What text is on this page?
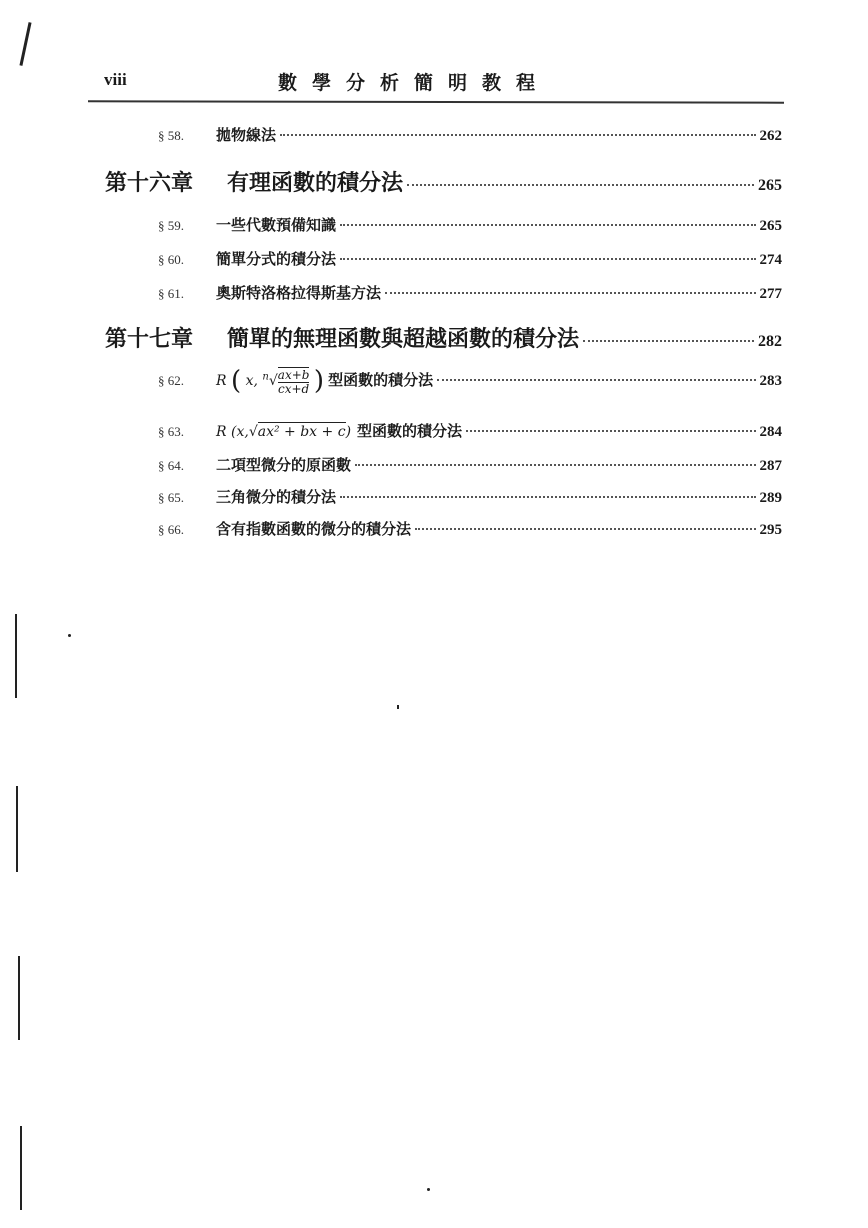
viii	數學分析簡明教程
§ 58.	拋物線法	262
第十六章	有理函數的積分法	265
§ 59.	一些代數預備知識	265
§ 60.	簡單分式的積分法	274
§ 61.	奧斯特洛格拉得斯基方法	277
第十七章	簡單的無理函數與超越函數的積分法	282
§ 62.	R ( x, $^n√ \frac{ax+b}{cx+d}$ ) 型函數的積分法	283
§ 63.	R (x,√ax² + bx + c) 型函數的積分法	284
§ 64.	二項型微分的原函數	287
§ 65.	三角微分的積分法	289
§ 66.	含有指數函數的微分的積分法	295
